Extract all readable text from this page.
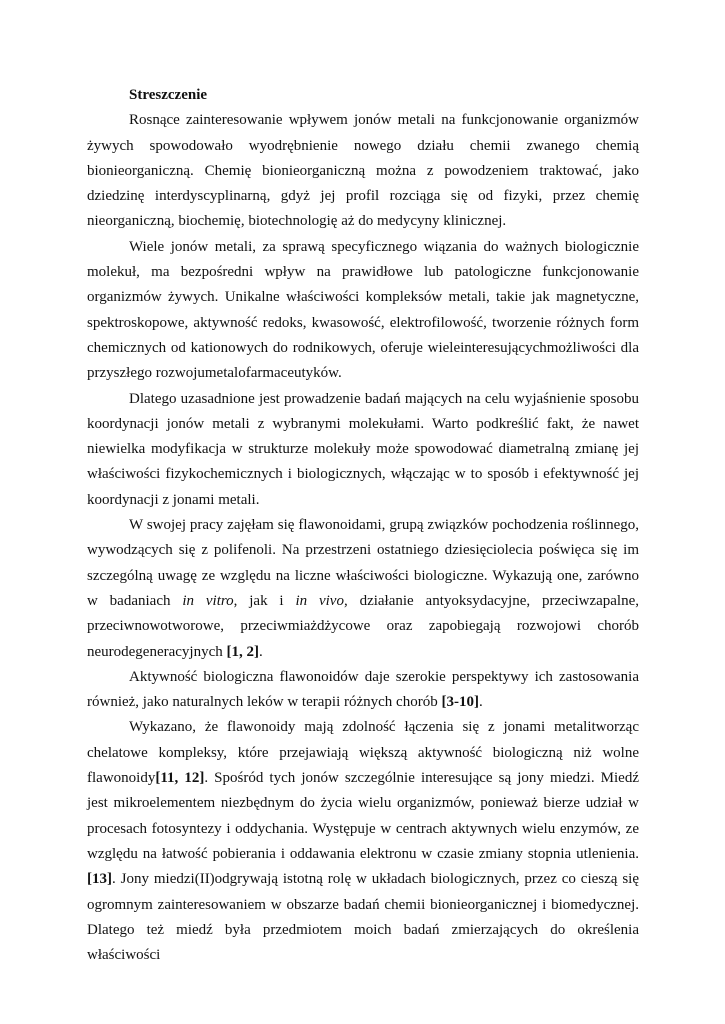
Streszczenie

Rosnące zainteresowanie wpływem jonów metali na funkcjonowanie organizmów żywych spowodowało wyodrębnienie nowego działu chemii zwanego chemią bionieorganiczną. Chemię bionieorganiczną można z powodzeniem traktować, jako dziedzinę interdyscyplinarną, gdyż jej profil rozciąga się od fizyki, przez chemię nieorganiczną, biochemię, biotechnologię aż do medycyny klinicznej.

Wiele jonów metali, za sprawą specyficznego wiązania do ważnych biologicznie molekuł, ma bezpośredni wpływ na prawidłowe lub patologiczne funkcjonowanie organizmów żywych. Unikalne właściwości kompleksów metali, takie jak magnetyczne, spektroskopowe, aktywność redoks, kwasowość, elektrofilowość, tworzenie różnych form chemicznych od kationowych do rodnikowych, oferuje wieleinteresującychmożliwości dla przyszłego rozwojumetalofarmaceutyków.

Dlatego uzasadnione jest prowadzenie badań mających na celu wyjaśnienie sposobu koordynacji jonów metali z wybranymi molekułami. Warto podkreślić fakt, że nawet niewielka modyfikacja w strukturze molekuły może spowodować diametralną zmianę jej właściwości fizykochemicznych i biologicznych, włączając w to sposób i efektywność jej koordynacji z jonami metali.

W swojej pracy zajęłam się flawonoidami, grupą związków pochodzenia roślinnego, wywodzących się z polifenoli. Na przestrzeni ostatniego dziesięciolecia poświęca się im szczególną uwagę ze względu na liczne właściwości biologiczne. Wykazują one, zarówno w badaniach in vitro, jak i in vivo, działanie antyoksydacyjne, przeciwzapalne, przeciwnowotworowe, przeciwmiażdżycowe oraz zapobiegają rozwojowi chorób neurodegeneracyjnych [1, 2].

Aktywność biologiczna flawonoidów daje szerokie perspektywy ich zastosowania również, jako naturalnych leków w terapii różnych chorób [3-10].

Wykazano, że flawonoidy mają zdolność łączenia się z jonami metalitworząc chelatowe kompleksy, które przejawiają większą aktywność biologiczną niż wolne flawonoidy[11, 12]. Spośród tych jonów szczególnie interesujące są jony miedzi. Miedź jest mikroelementem niezbędnym do życia wielu organizmów, ponieważ bierze udział w procesach fotosyntezy i oddychania. Występuje w centrach aktywnych wielu enzymów, ze względu na łatwość pobierania i oddawania elektronu w czasie zmiany stopnia utlenienia. [13]. Jony miedzi(II)odgrywają istotną rolę w układach biologicznych, przez co cieszą się ogromnym zainteresowaniem w obszarze badań chemii bionieorganicznej i biomedycznej. Dlatego też miedź była przedmiotem moich badań zmierzających do określenia właściwości
